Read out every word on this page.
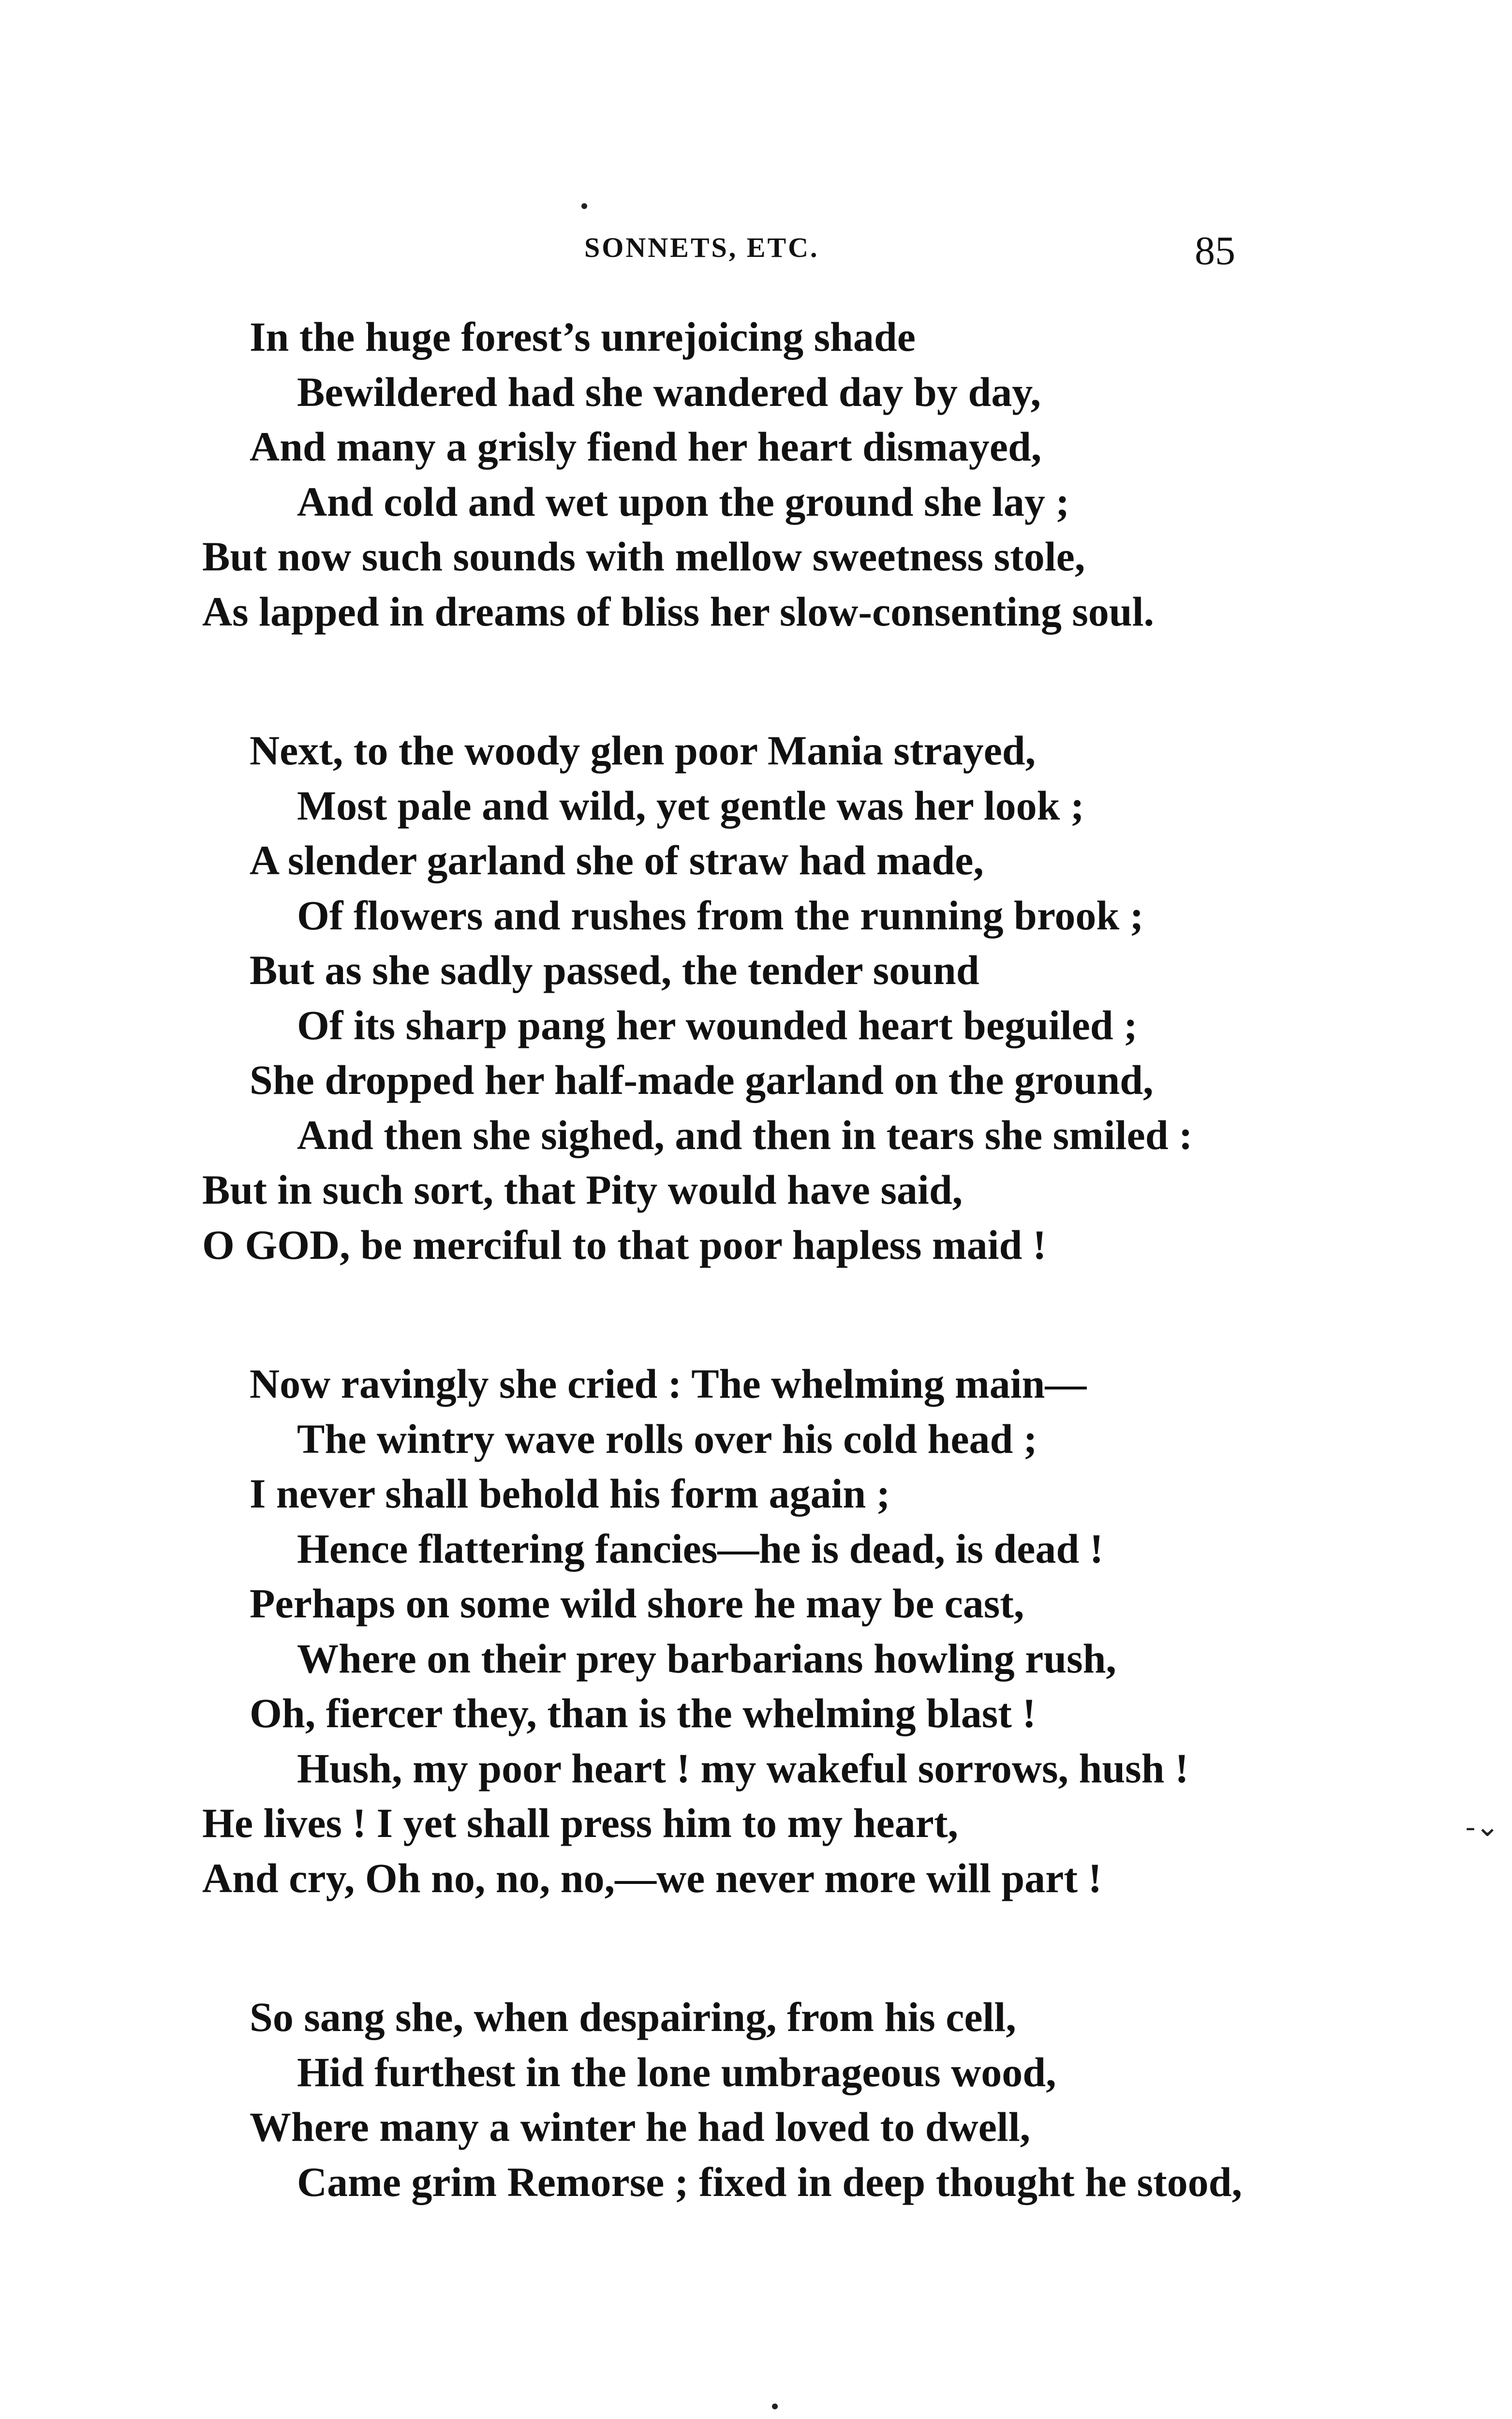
SONNETS, ETC.	85
In the huge forest’s unrejoicing shade
Bewildered had she wandered day by day,
And many a grisly fiend her heart dismayed,
And cold and wet upon the ground she lay ;
But now such sounds with mellow sweetness stole,
As lapped in dreams of bliss her slow-consenting soul.
Next, to the woody glen poor Mania strayed,
Most pale and wild, yet gentle was her look ;
A slender garland she of straw had made,
Of flowers and rushes from the running brook ;
But as she sadly passed, the tender sound
Of its sharp pang her wounded heart beguiled ;
She dropped her half-made garland on the ground,
And then she sighed, and then in tears she smiled :
But in such sort, that Pity would have said,
O GOD, be merciful to that poor hapless maid !
Now ravingly she cried : The whelming main—
The wintry wave rolls over his cold head ;
I never shall behold his form again ;
Hence flattering fancies—he is dead, is dead !
Perhaps on some wild shore he may be cast,
Where on their prey barbarians howling rush,
Oh, fiercer they, than is the whelming blast !
Hush, my poor heart ! my wakeful sorrows, hush !
He lives ! I yet shall press him to my heart,
And cry, Oh no, no, no,—we never more will part !
So sang she, when despairing, from his cell,
Hid furthest in the lone umbrageous wood,
Where many a winter he had loved to dwell,
Came grim Remorse ; fixed in deep thought he stood,
-⌄
